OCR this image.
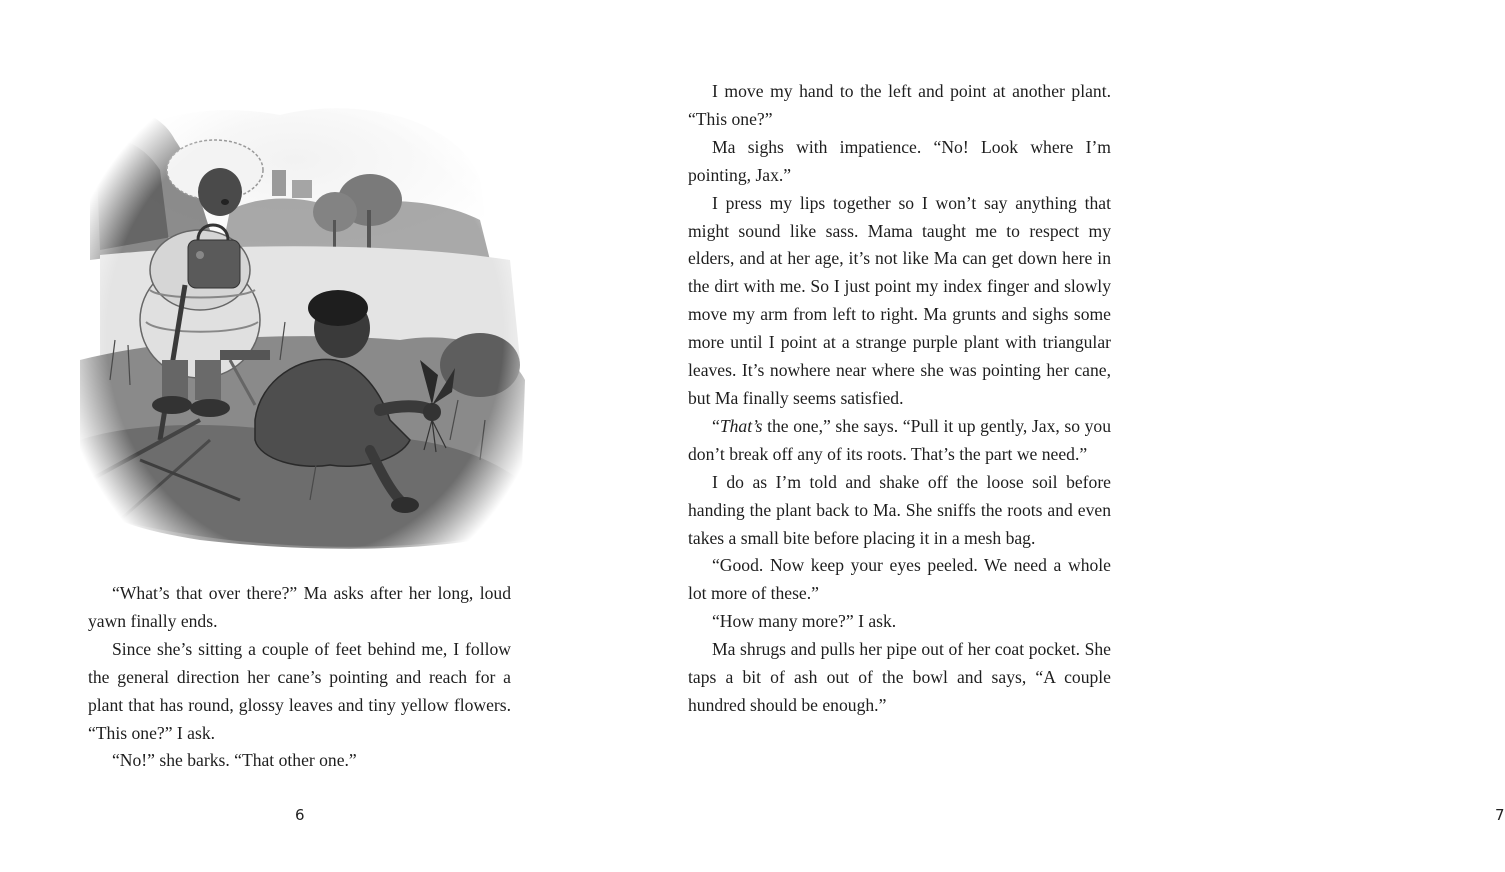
“What’s that over there?” Ma asks after her long, loud yawn finally ends.

Since she’s sitting a couple of feet behind me, I follow the general direction her cane’s pointing and reach for a plant that has round, glossy leaves and tiny yellow flowers. “This one?” I ask.

“No!” she barks. “That other one.”

6

I move my hand to the left and point at another plant. “This one?”

Ma sighs with impatience. “No! Look where I’m pointing, Jax.”

I press my lips together so I won’t say anything that might sound like sass. Mama taught me to respect my elders, and at her age, it’s not like Ma can get down here in the dirt with me. So I just point my index finger and slowly move my arm from left to right. Ma grunts and sighs some more until I point at a strange purple plant with triangular leaves. It’s nowhere near where she was pointing her cane, but Ma finally seems satisfied.

“That’s the one,” she says. “Pull it up gently, Jax, so you don’t break off any of its roots. That’s the part we need.”

I do as I’m told and shake off the loose soil before handing the plant back to Ma. She sniffs the roots and even takes a small bite before placing it in a mesh bag.

“Good. Now keep your eyes peeled. We need a whole lot more of these.”

“How many more?” I ask.

Ma shrugs and pulls her pipe out of her coat pocket. She taps a bit of ash out of the bowl and says, “A couple hundred should be enough.”

7
